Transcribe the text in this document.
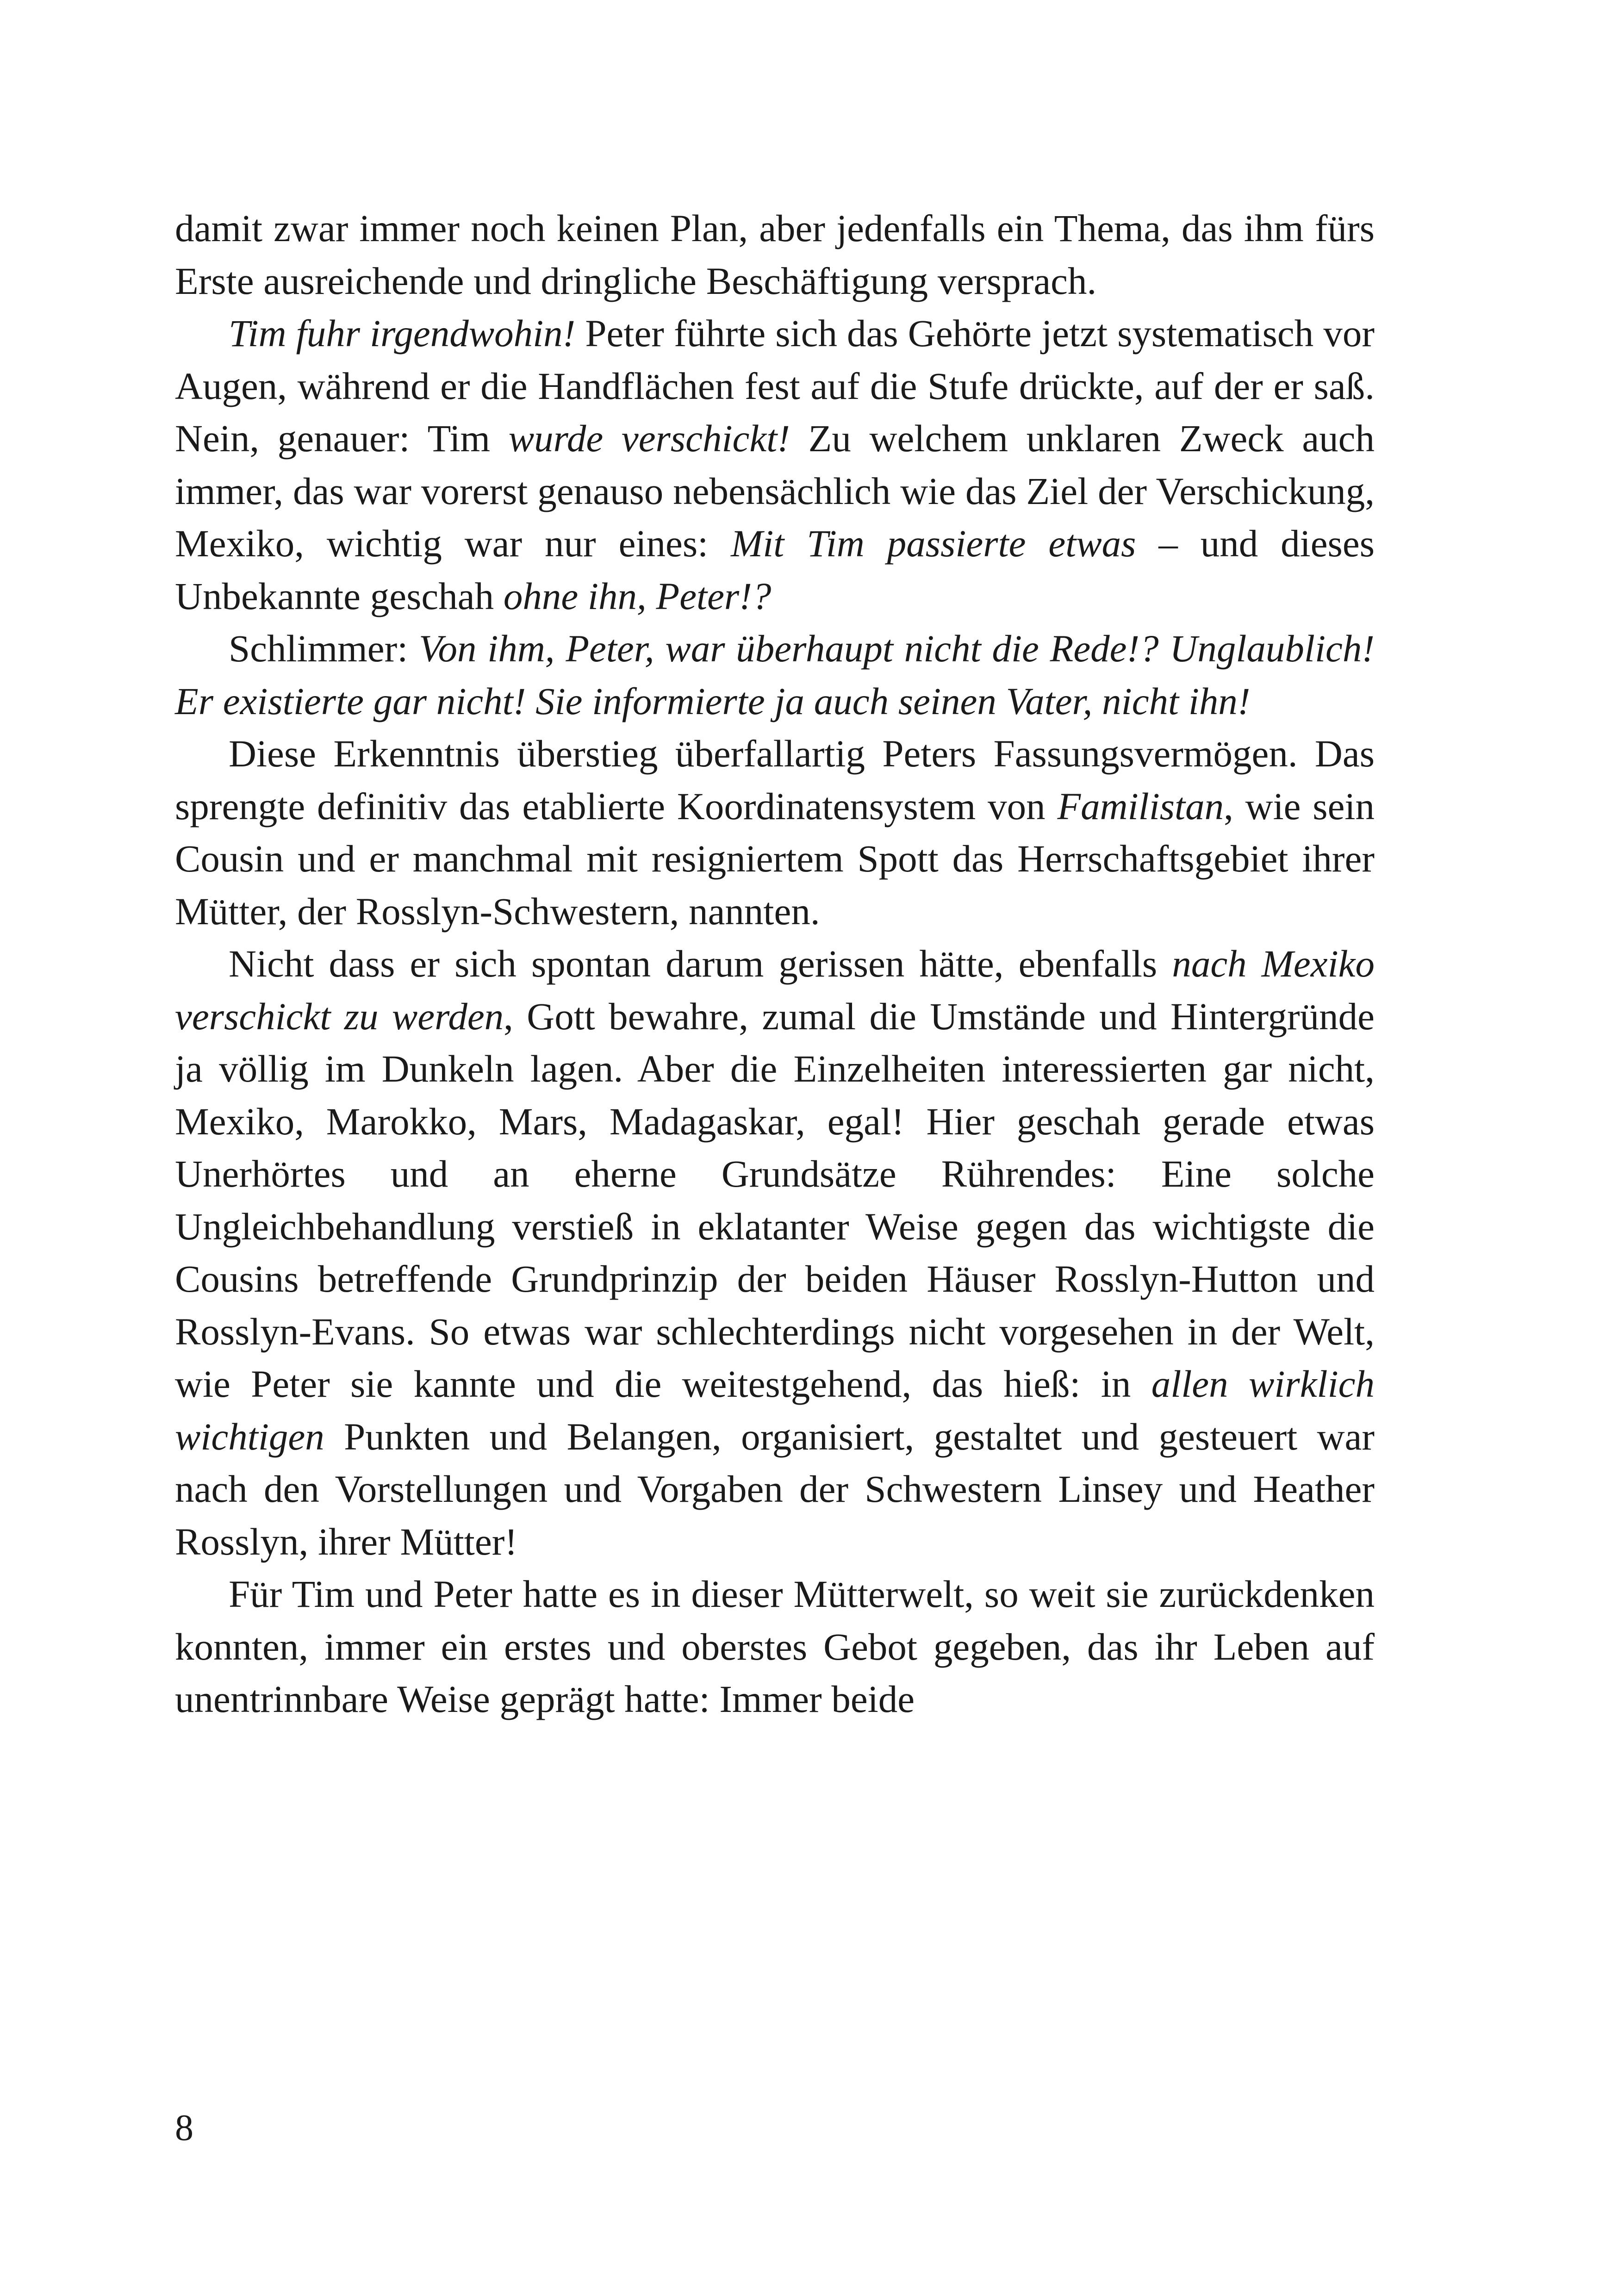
damit zwar immer noch keinen Plan, aber jedenfalls ein Thema, das ihm fürs Erste ausreichende und dringliche Beschäftigung versprach.

Tim fuhr irgendwohin! Peter führte sich das Gehörte jetzt systematisch vor Augen, während er die Handflächen fest auf die Stufe drückte, auf der er saß. Nein, genauer: Tim wurde verschickt! Zu welchem unklaren Zweck auch immer, das war vorerst genauso nebensächlich wie das Ziel der Verschickung, Mexiko, wichtig war nur eines: Mit Tim passierte etwas – und dieses Unbekannte geschah ohne ihn, Peter!?

Schlimmer: Von ihm, Peter, war überhaupt nicht die Rede!? Unglaublich! Er existierte gar nicht! Sie informierte ja auch seinen Vater, nicht ihn!

Diese Erkenntnis überstieg überfallartig Peters Fassungsvermögen. Das sprengte definitiv das etablierte Koordinatensystem von Familistan, wie sein Cousin und er manchmal mit resigniertem Spott das Herrschaftsgebiet ihrer Mütter, der Rosslyn-Schwestern, nannten.

Nicht dass er sich spontan darum gerissen hätte, ebenfalls nach Mexiko verschickt zu werden, Gott bewahre, zumal die Umstände und Hintergründe ja völlig im Dunkeln lagen. Aber die Einzelheiten interessierten gar nicht, Mexiko, Marokko, Mars, Madagaskar, egal! Hier geschah gerade etwas Unerhörtes und an eherne Grundsätze Rührendes: Eine solche Ungleichbehandlung verstieß in eklatanter Weise gegen das wichtigste die Cousins betreffende Grundprinzip der beiden Häuser Rosslyn-Hutton und Rosslyn-Evans. So etwas war schlechterdings nicht vorgesehen in der Welt, wie Peter sie kannte und die weitestgehend, das hieß: in allen wirklich wichtigen Punkten und Belangen, organisiert, gestaltet und gesteuert war nach den Vorstellungen und Vorgaben der Schwestern Linsey und Heather Rosslyn, ihrer Mütter!

Für Tim und Peter hatte es in dieser Mütterwelt, so weit sie zurückdenken konnten, immer ein erstes und oberstes Gebot gegeben, das ihr Leben auf unentrinnbare Weise geprägt hatte: Immer beide

8
